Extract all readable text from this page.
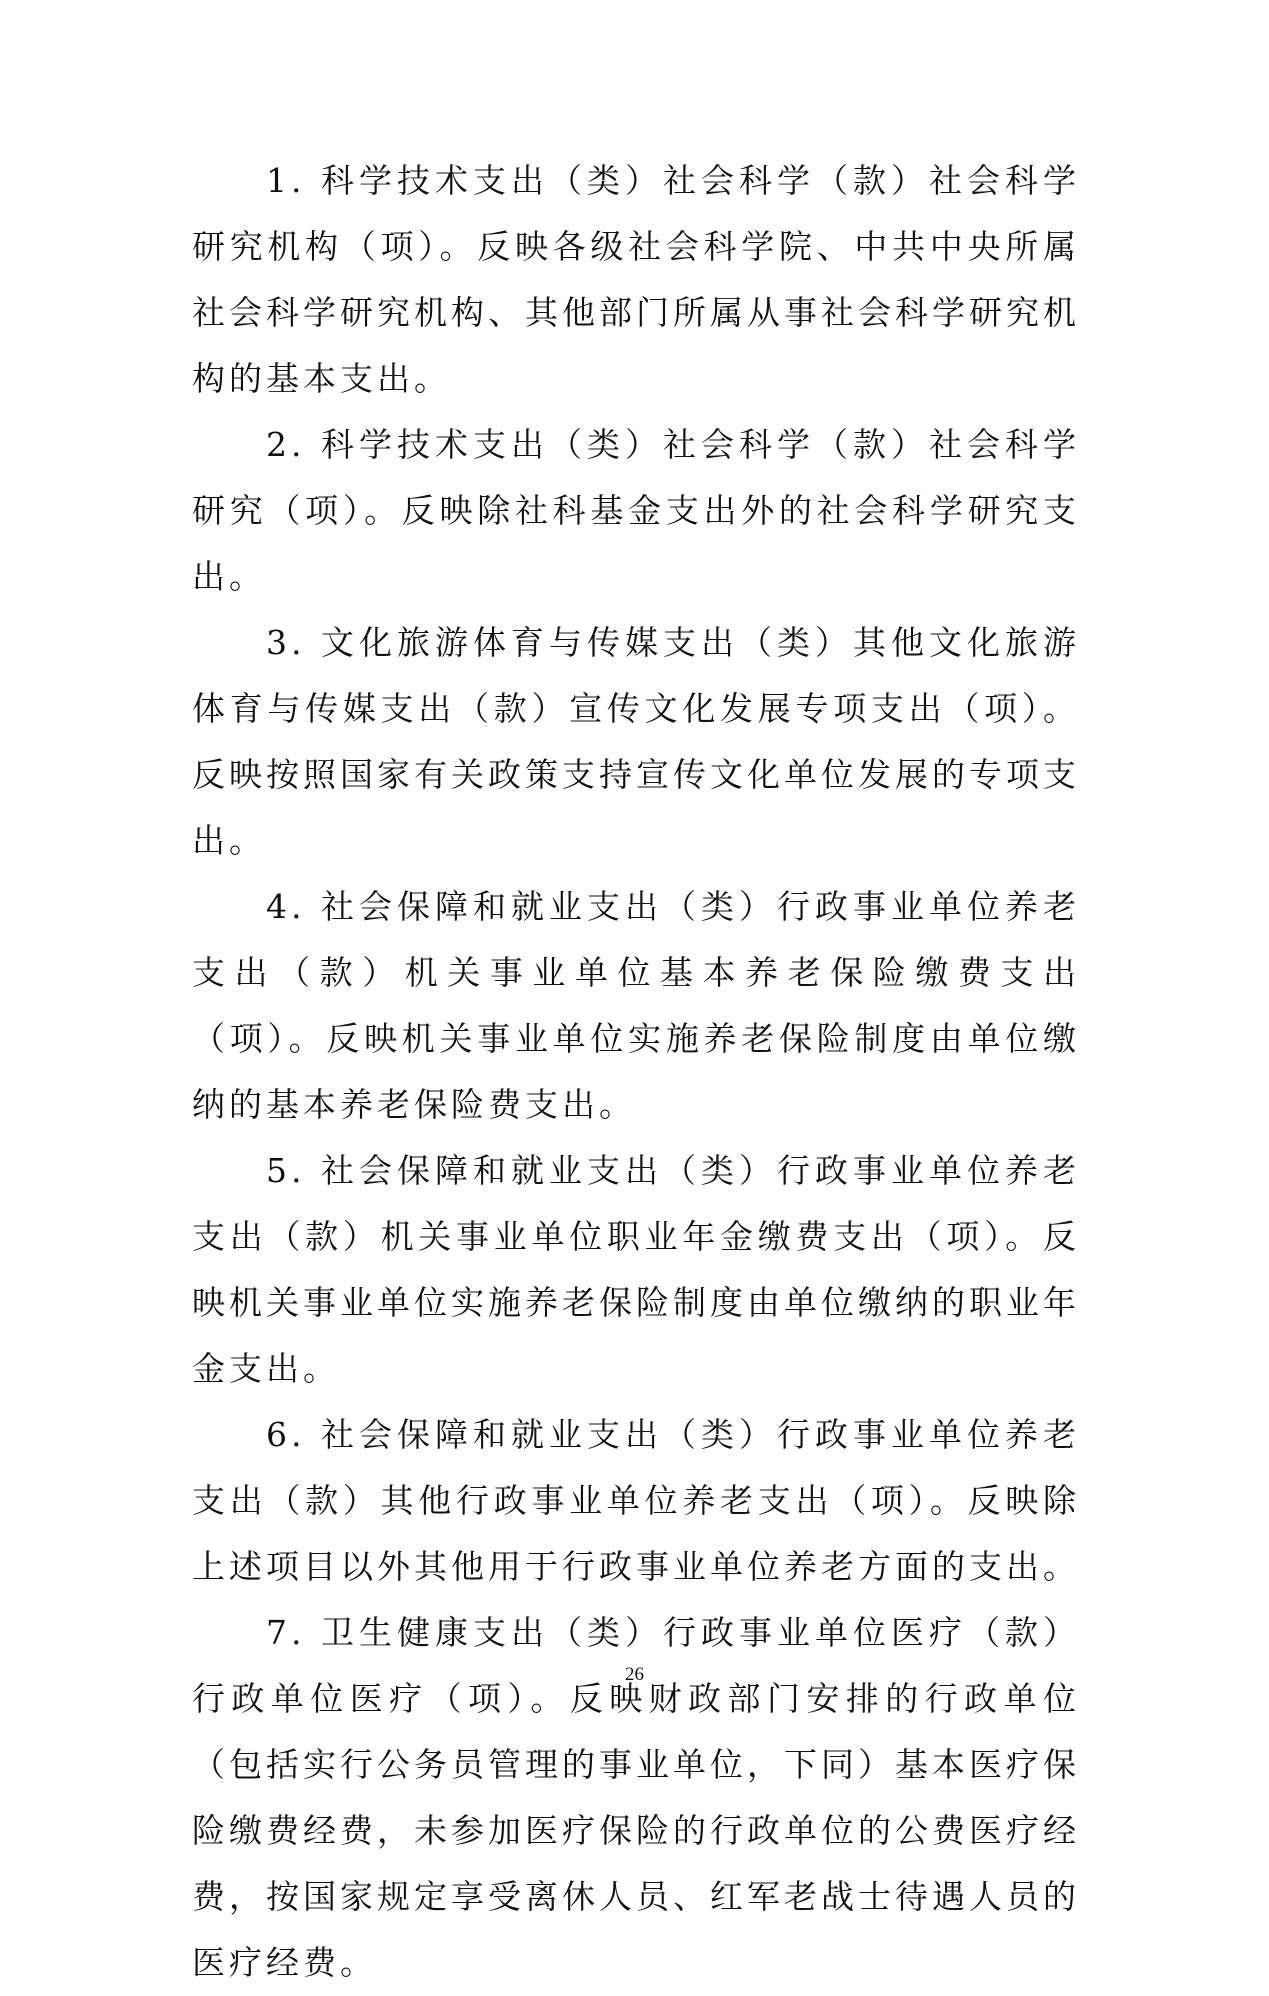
1. 科学技术支出（类）社会科学（款）社会科学研究机构（项）。反映各级社会科学院、中共中央所属社会科学研究机构、其他部门所属从事社会科学研究机构的基本支出。

2. 科学技术支出（类）社会科学（款）社会科学研究（项）。反映除社科基金支出外的社会科学研究支出。

3. 文化旅游体育与传媒支出（类）其他文化旅游体育与传媒支出（款）宣传文化发展专项支出（项）。反映按照国家有关政策支持宣传文化单位发展的专项支出。

4. 社会保障和就业支出（类）行政事业单位养老支出（款）机关事业单位基本养老保险缴费支出（项）。反映机关事业单位实施养老保险制度由单位缴纳的基本养老保险费支出。

5. 社会保障和就业支出（类）行政事业单位养老支出（款）机关事业单位职业年金缴费支出（项）。反映机关事业单位实施养老保险制度由单位缴纳的职业年金支出。

6. 社会保障和就业支出（类）行政事业单位养老支出（款）其他行政事业单位养老支出（项）。反映除上述项目以外其他用于行政事业单位养老方面的支出。

7. 卫生健康支出（类）行政事业单位医疗（款）行政单位医疗（项）。反映财政部门安排的行政单位（包括实行公务员管理的事业单位，下同）基本医疗保险缴费经费，未参加医疗保险的行政单位的公费医疗经费，按国家规定享受离休人员、红军老战士待遇人员的医疗经费。

26
